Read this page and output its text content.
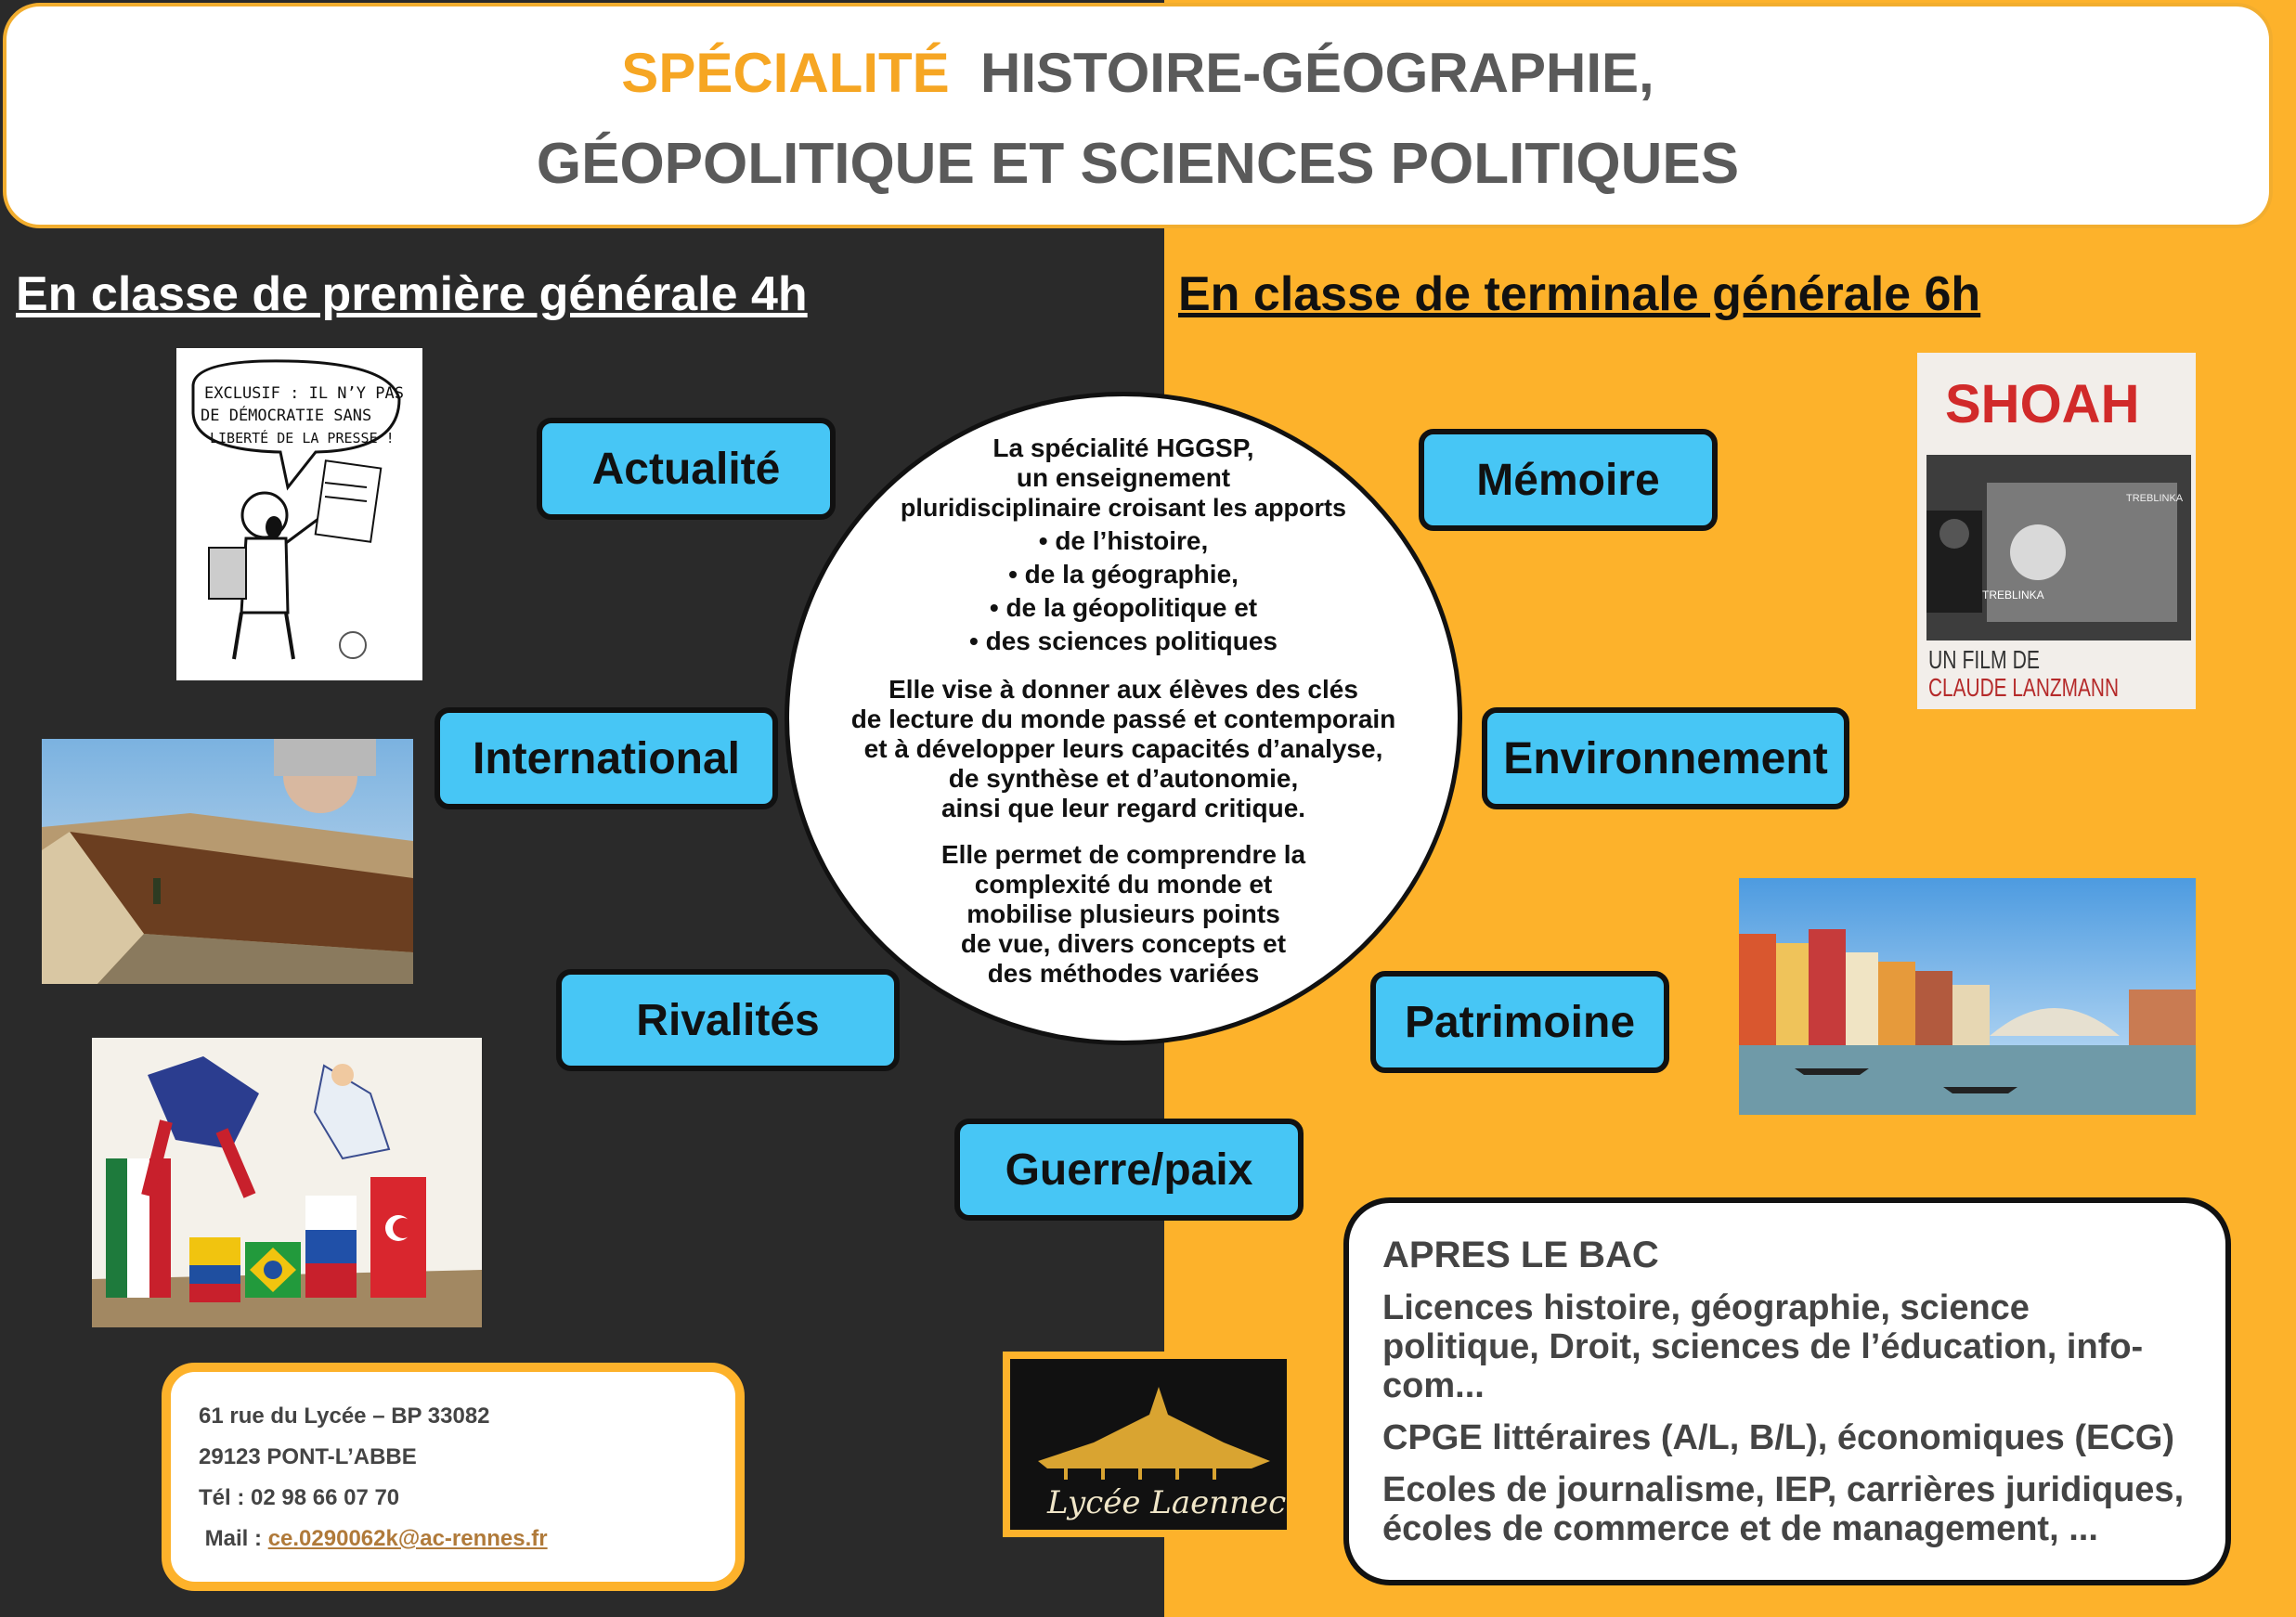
SPÉCIALITÉ HISTOIRE-GÉOGRAPHIE,
GÉOPOLITIQUE ET SCIENCES POLITIQUES
En classe de première générale 4h	En classe de terminale générale 6h
EXCLUSIF : IL N’Y PAS
DE DÉMOCRATIE SANS
LIBERTÉ DE LA PRESSE !
SHOAH
TREBLINKA
TREBLINKA
UN FILM DE
CLAUDE LANZMANN
Actualité
International
Rivalités
Mémoire
Environnement
Patrimoine
Guerre/paix

La spécialité HGGSP,

un enseignement

pluridisciplinaire croisant les apports

• de l’histoire,

• de la géographie,

• de la géopolitique et

• des sciences politiques

Elle vise à donner aux élèves des clés

de lecture du monde passé et contemporain

et à développer leurs capacités d’analyse,

de synthèse et d’autonomie,

ainsi que leur regard critique.

Elle permet de comprendre la

complexité du monde et

mobilise plusieurs points

de vue, divers concepts et

des méthodes variées

APRES LE BAC
Licences histoire, géographie, science politique, Droit, sciences de l’éducation, info-com...
CPGE littéraires (A/L, B/L), économiques (ECG)
Ecoles de journalisme, IEP, carrières juridiques, écoles de commerce et de management, ...
61 rue du Lycée – BP 33082
29123 PONT-L’ABBE
Tél : 02 98 66 07 70
Mail : ce.0290062k@ac-rennes.fr
Lycée Laennec
